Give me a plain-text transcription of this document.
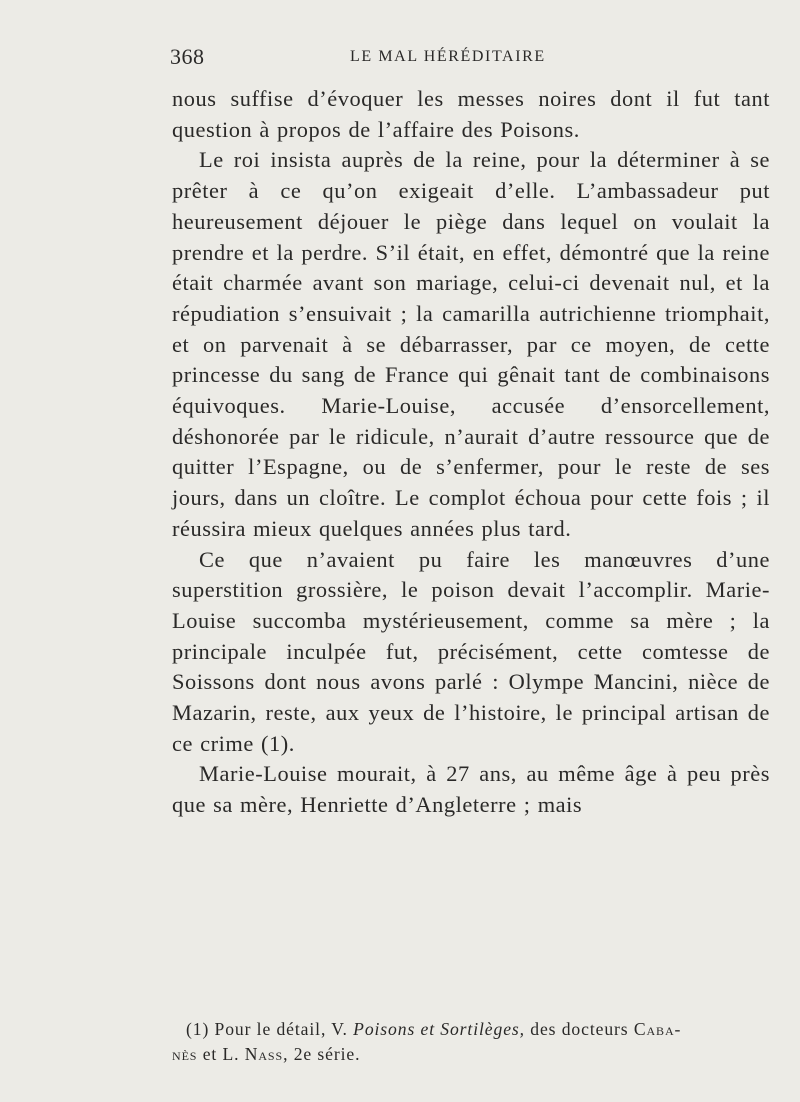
368	LE MAL HÉRÉDITAIRE

nous suffise d’évoquer les messes noires dont il fut tant question à propos de l’affaire des Poisons.

Le roi insista auprès de la reine, pour la déterminer à se prêter à ce qu’on exigeait d’elle. L’ambassadeur put heureusement déjouer le piège dans lequel on voulait la prendre et la perdre. S’il était, en effet, démontré que la reine était charmée avant son mariage, celui-ci devenait nul, et la répudiation s’ensuivait ; la camarilla autrichienne triomphait, et on parvenait à se débarrasser, par ce moyen, de cette princesse du sang de France qui gênait tant de combinaisons équivoques. Marie-Louise, accusée d’ensorcellement, déshonorée par le ridicule, n’aurait d’autre ressource que de quitter l’Espagne, ou de s’enfermer, pour le reste de ses jours, dans un cloître. Le complot échoua pour cette fois ; il réussira mieux quelques années plus tard.

Ce que n’avaient pu faire les manœuvres d’une superstition grossière, le poison devait l’accomplir. Marie-Louise succomba mystérieusement, comme sa mère ; la principale inculpée fut, précisément, cette comtesse de Soissons dont nous avons parlé : Olympe Mancini, nièce de Mazarin, reste, aux yeux de l’histoire, le principal artisan de ce crime (1).

Marie-Louise mourait, à 27 ans, au même âge à peu près que sa mère, Henriette d’Angleterre ; mais

(1) Pour le détail, V. Poisons et Sortilèges, des docteurs Caba-
nès et L. Nass, 2e série.
